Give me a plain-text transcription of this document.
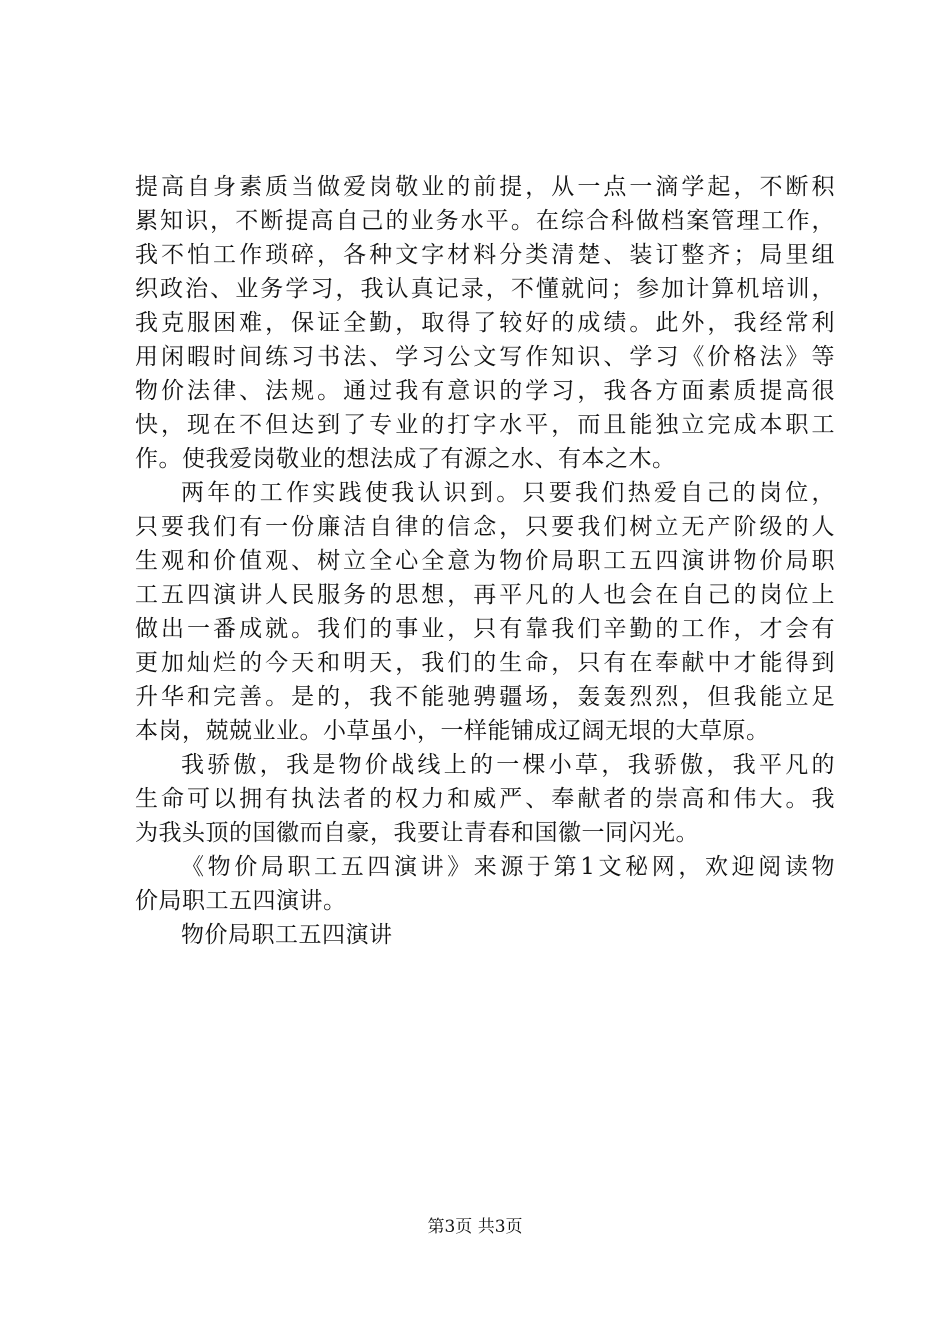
提高自身素质当做爱岗敬业的前提，从一点一滴学起，不断积
累知识，不断提高自己的业务水平。在综合科做档案管理工作，
我不怕工作琐碎，各种文字材料分类清楚、装订整齐；局里组
织政治、业务学习，我认真记录，不懂就问；参加计算机培训，
我克服困难，保证全勤，取得了较好的成绩。此外，我经常利
用闲暇时间练习书法、学习公文写作知识、学习《价格法》等
物价法律、法规。通过我有意识的学习，我各方面素质提高很
快，现在不但达到了专业的打字水平，而且能独立完成本职工
作。使我爱岗敬业的想法成了有源之水、有本之木。
两年的工作实践使我认识到。只要我们热爱自己的岗位，
只要我们有一份廉洁自律的信念，只要我们树立无产阶级的人
生观和价值观、树立全心全意为物价局职工五四演讲物价局职
工五四演讲人民服务的思想，再平凡的人也会在自己的岗位上
做出一番成就。我们的事业，只有靠我们辛勤的工作，才会有
更加灿烂的今天和明天，我们的生命，只有在奉献中才能得到
升华和完善。是的，我不能驰骋疆场，轰轰烈烈，但我能立足
本岗，兢兢业业。小草虽小，一样能铺成辽阔无垠的大草原。
我骄傲，我是物价战线上的一棵小草，我骄傲，我平凡的
生命可以拥有执法者的权力和威严、奉献者的崇高和伟大。我
为我头顶的国徽而自豪，我要让青春和国徽一同闪光。
《物价局职工五四演讲》来源于第1文秘网，欢迎阅读物
价局职工五四演讲。
物价局职工五四演讲
第3页 共3页
